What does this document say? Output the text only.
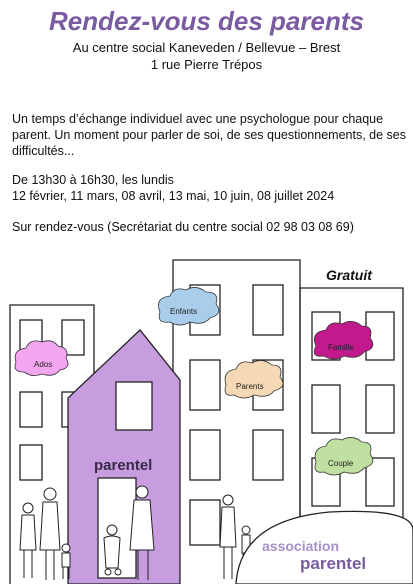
Rendez-vous des parents
Au centre social Kaneveden / Bellevue – Brest
1 rue Pierre Trépos
Un temps d’échange individuel avec une psychologue pour chaque parent. Un moment pour parler de soi, de ses questionnements, de ses difficultés...
De 13h30 à 16h30, les lundis
12 février, 11 mars, 08 avril, 13 mai, 10 juin, 08 juillet 2024
Sur rendez-vous (Secrétariat du centre social 02 98 03 08 69)
parentel
Enfants
Ados
Famille
Parents
Couple
association
parentel
Gratuit
